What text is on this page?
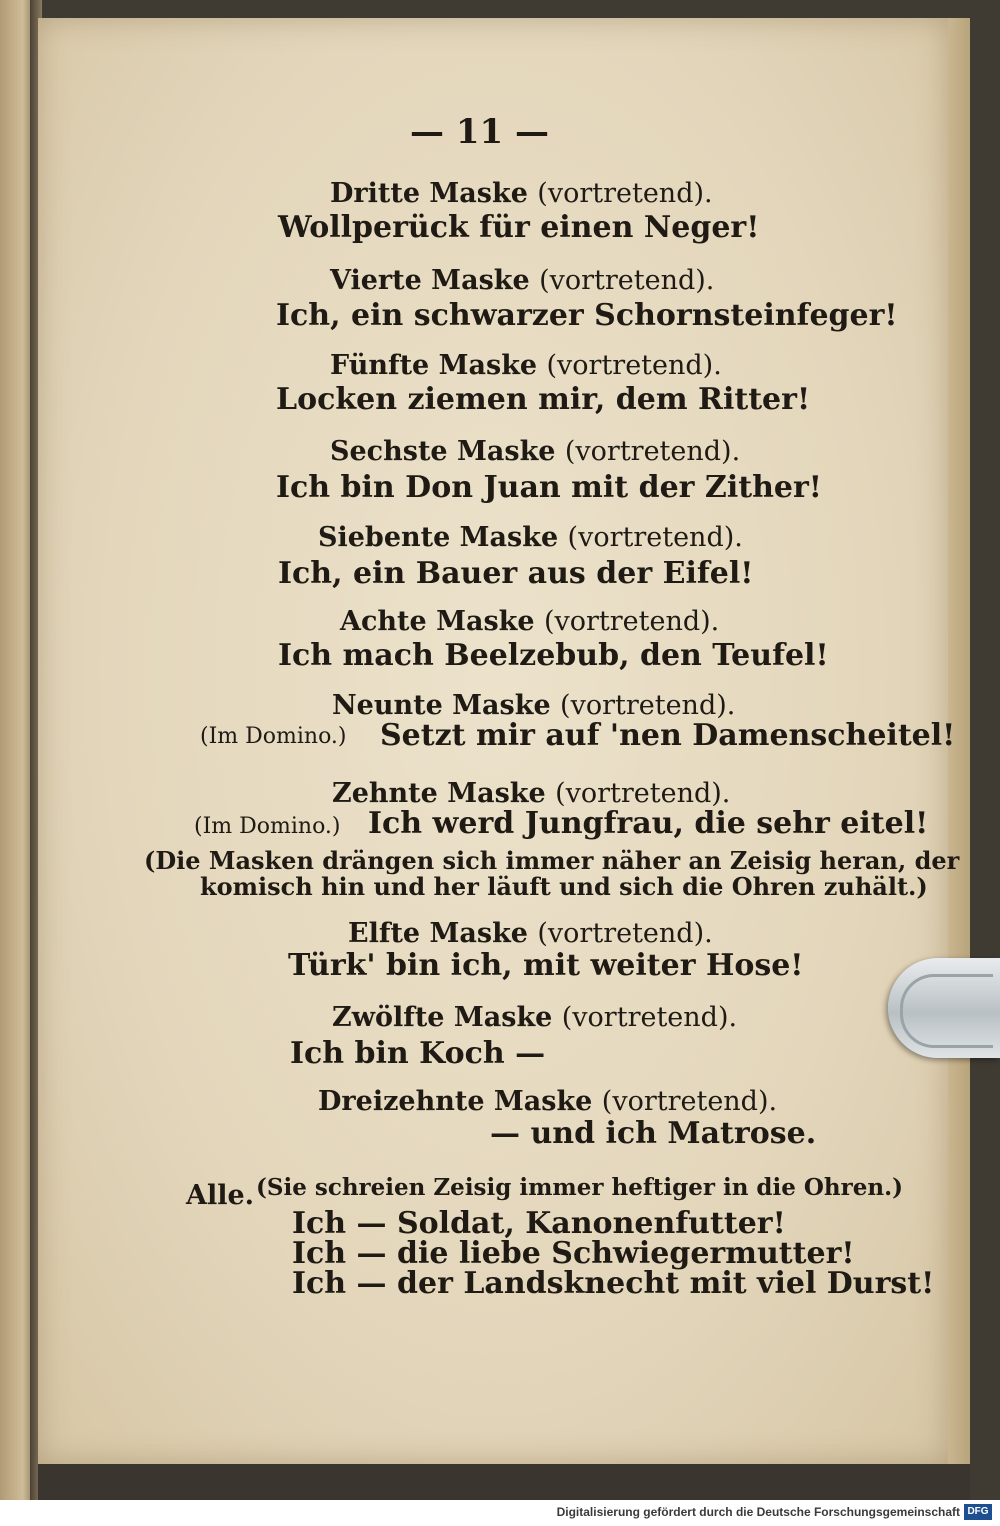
— 11 —
Dritte Maske (vortretend).
Wollperück für einen Neger!
Vierte Maske (vortretend).
Ich, ein schwarzer Schornsteinfeger!
Fünfte Maske (vortretend).
Locken ziemen mir, dem Ritter!
Sechste Maske (vortretend).
Ich bin Don Juan mit der Zither!
Siebente Maske (vortretend).
Ich, ein Bauer aus der Eifel!
Achte Maske (vortretend).
Ich mach Beelzebub, den Teufel!
Neunte Maske (vortretend).
(Im Domino.) Setzt mir auf 'nen Damenscheitel!
Zehnte Maske (vortretend).
(Im Domino.) Ich werd Jungfrau, die sehr eitel!
(Die Masken drängen sich immer näher an Zeisig heran, der
komisch hin und her läuft und sich die Ohren zuhält.)
Elfte Maske (vortretend).
Türk' bin ich, mit weiter Hose!
Zwölfte Maske (vortretend).
Ich bin Koch —
Dreizehnte Maske (vortretend).
— und ich Matrose.
Alle. (Sie schreien Zeisig immer heftiger in die Ohren.)
Ich — Soldat, Kanonenfutter!
Ich — die liebe Schwiegermutter!
Ich — der Landsknecht mit viel Durst!
Digitalisierung gefördert durch die Deutsche Forschungsgemeinschaft DFG
